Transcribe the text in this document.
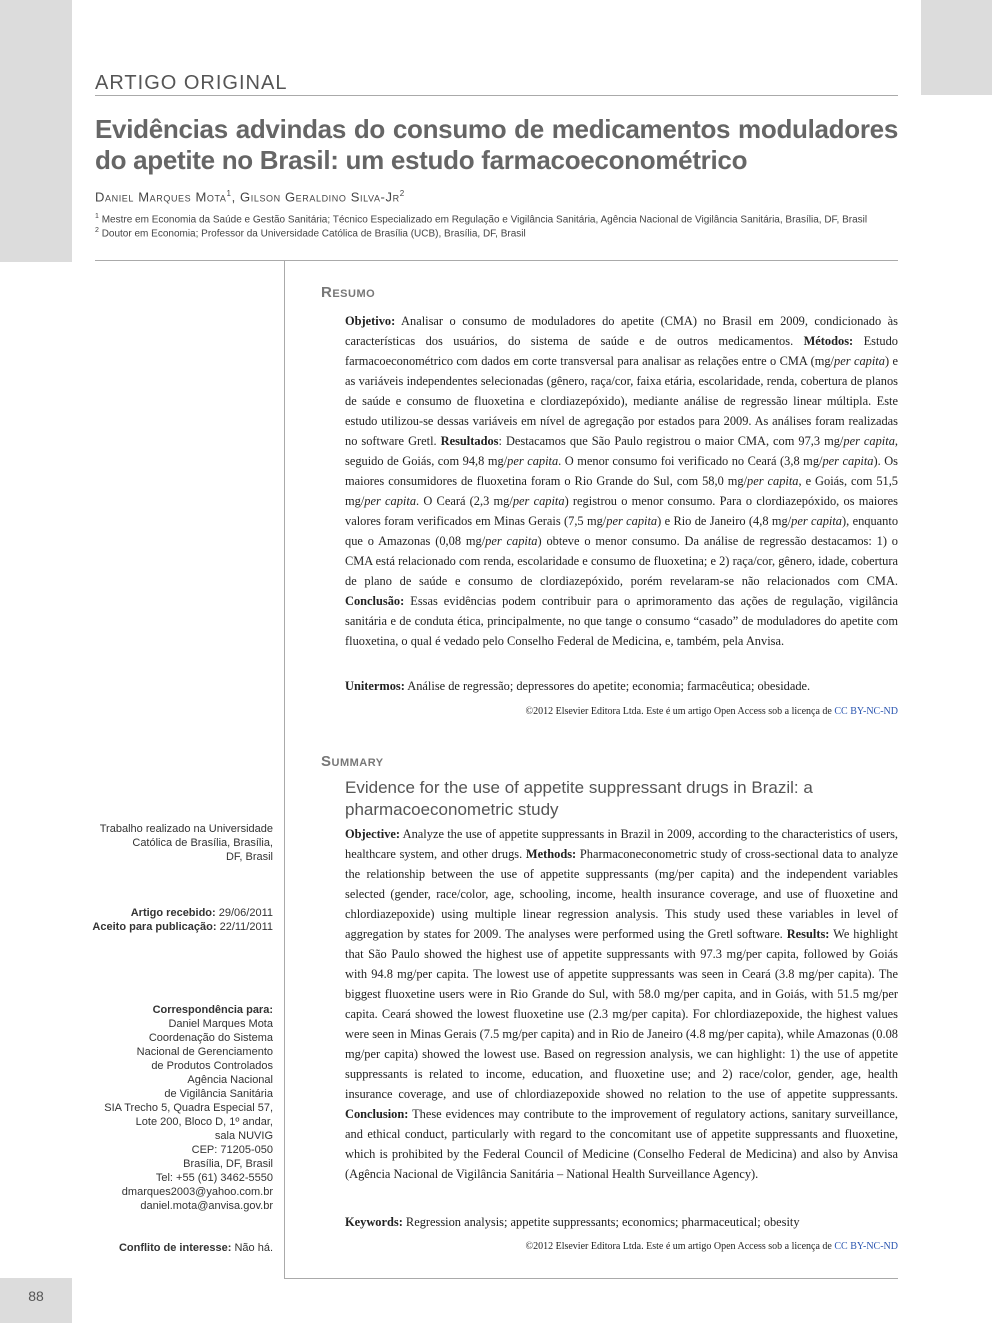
88
ARTIGO ORIGINAL
Evidências advindas do consumo de medicamentos moduladores do apetite no Brasil: um estudo farmacoeconométrico
Daniel Marques Mota$^1$, Gilson Geraldino Silva-Jr$^2$
$^1$ Mestre em Economia da Saúde e Gestão Sanitária; Técnico Especializado em Regulação e Vigilância Sanitária, Agência Nacional de Vigilância Sanitária, Brasília, DF, Brasil
$^2$ Doutor em Economia; Professor da Universidade Católica de Brasília (UCB), Brasília, DF, Brasil
Trabalho realizado na Universidade
Católica de Brasília, Brasília,
DF, Brasil
Artigo recebido: 29/06/2011
Aceito para publicação: 22/11/2011
Correspondência para:
Daniel Marques Mota
Coordenação do Sistema
Nacional de Gerenciamento
de Produtos Controlados
Agência Nacional
de Vigilância Sanitária
SIA Trecho 5, Quadra Especial 57,
Lote 200, Bloco D, 1º andar,
sala NUVIG
CEP: 71205-050
Brasília, DF, Brasil
Tel: +55 (61) 3462-5550
dmarques2003@yahoo.com.br
daniel.mota@anvisa.gov.br
Conflito de interesse: Não há.
Resumo
Objetivo: Analisar o consumo de moduladores do apetite (CMA) no Brasil em 2009, condicionado às características dos usuários, do sistema de saúde e de outros medicamentos. Métodos: Estudo farmacoeconométrico com dados em corte transversal para analisar as relações entre o CMA (mg/per capita) e as variáveis independentes selecionadas (gênero, raça/cor, faixa etária, escolaridade, renda, cobertura de planos de saúde e consumo de fluoxetina e clordiazepóxido), mediante análise de regressão linear múltipla. Este estudo utilizou-se dessas variáveis em nível de agregação por estados para 2009. As análises foram realizadas no software Gretl. Resultados: Destacamos que São Paulo registrou o maior CMA, com 97,3 mg/per capita, seguido de Goiás, com 94,8 mg/per capita. O menor consumo foi verificado no Ceará (3,8 mg/per capita). Os maiores consumidores de fluoxetina foram o Rio Grande do Sul, com 58,0 mg/per capita, e Goiás, com 51,5 mg/per capita. O Ceará (2,3 mg/per capita) registrou o menor consumo. Para o clordiazepóxido, os maiores valores foram verificados em Minas Gerais (7,5 mg/per capita) e Rio de Janeiro (4,8 mg/per capita), enquanto que o Amazonas (0,08 mg/per capita) obteve o menor consumo. Da análise de regressão destacamos: 1) o CMA está relacionado com renda, escolaridade e consumo de fluoxetina; e 2) raça/cor, gênero, idade, cobertura de plano de saúde e consumo de clordiazepóxido, porém revelaram-se não relacionados com CMA. Conclusão: Essas evidências podem contribuir para o aprimoramento das ações de regulação, vigilância sanitária e de conduta ética, principalmente, no que tange o consumo “casado” de moduladores do apetite com fluoxetina, o qual é vedado pelo Conselho Federal de Medicina, e, também, pela Anvisa.
Unitermos: Análise de regressão; depressores do apetite; economia; farmacêutica; obesidade.
©2012 Elsevier Editora Ltda. Este é um artigo Open Access sob a licença de CC BY-NC-ND
Summary
Evidence for the use of appetite suppressant drugs in Brazil: a pharmacoeconometric study
Objective: Analyze the use of appetite suppressants in Brazil in 2009, according to the characteristics of users, healthcare system, and other drugs. Methods: Pharmaconeconometric study of cross-sectional data to analyze the relationship between the use of appetite suppressants (mg/per capita) and the independent variables selected (gender, race/color, age, schooling, income, health insurance coverage, and use of fluoxetine and chlordiazepoxide) using multiple linear regression analysis. This study used these variables in level of aggregation by states for 2009. The analyses were performed using the Gretl software. Results: We highlight that São Paulo showed the highest use of appetite suppressants with 97.3 mg/per capita, followed by Goiás with 94.8 mg/per capita. The lowest use of appetite suppressants was seen in Ceará (3.8 mg/per capita). The biggest fluoxetine users were in Rio Grande do Sul, with 58.0 mg/per capita, and in Goiás, with 51.5 mg/per capita. Ceará showed the lowest fluoxetine use (2.3 mg/per capita). For chlordiazepoxide, the highest values were seen in Minas Gerais (7.5 mg/per capita) and in Rio de Janeiro (4.8 mg/per capita), while Amazonas (0.08 mg/per capita) showed the lowest use. Based on regression analysis, we can highlight: 1) the use of appetite suppressants is related to income, education, and fluoxetine use; and 2) race/color, gender, age, health insurance coverage, and use of chlordiazepoxide showed no relation to the use of appetite suppressants. Conclusion: These evidences may contribute to the improvement of regulatory actions, sanitary surveillance, and ethical conduct, particularly with regard to the concomitant use of appetite suppressants and fluoxetine, which is prohibited by the Federal Council of Medicine (Conselho Federal de Medicina) and also by Anvisa (Agência Nacional de Vigilância Sanitária – National Health Surveillance Agency).
Keywords: Regression analysis; appetite suppressants; economics; pharmaceutical; obesity
©2012 Elsevier Editora Ltda. Este é um artigo Open Access sob a licença de CC BY-NC-ND
